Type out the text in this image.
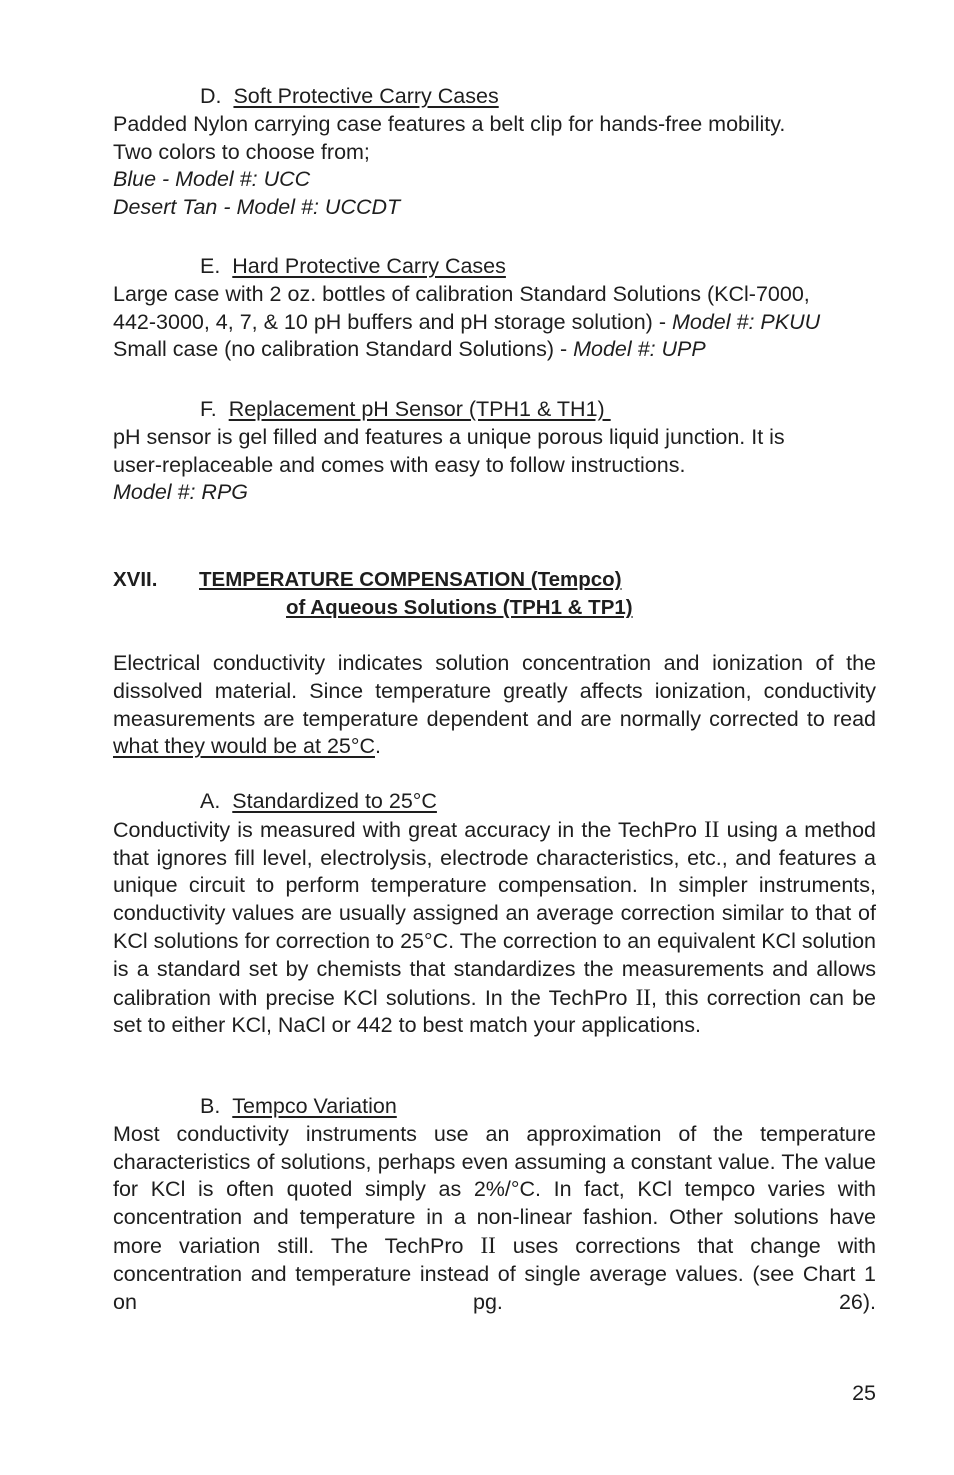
D. Soft Protective Carry Cases

Padded Nylon carrying case features a belt clip for hands-free mobility.

Two colors to choose from;

Blue - Model #: UCC

Desert Tan - Model #: UCCDT

E. Hard Protective Carry Cases

Large case with 2 oz. bottles of calibration Standard Solutions (KCl-7000,

442-3000, 4, 7, & 10 pH buffers and pH storage solution) - Model #: PKUU

Small case (no calibration Standard Solutions) - Model #: UPP

F. Replacement pH Sensor (TPH1 & TH1)

pH sensor is gel filled and features a unique porous liquid junction. It is

user-replaceable and comes with easy to follow instructions.

Model #: RPG

XVII. TEMPERATURE COMPENSATION (Tempco)
of Aqueous Solutions (TPH1 & TP1)

Electrical conductivity indicates solution concentration and ionization of the dissolved material. Since temperature greatly affects ionization, conductivity measurements are temperature dependent and are normally corrected to read what they would be at 25°C.

A. Standardized to 25°C

Conductivity is measured with great accuracy in the TechPro II using a method that ignores fill level, electrolysis, electrode characteristics, etc., and features a unique circuit to perform temperature compensation. In simpler instruments, conductivity values are usually assigned an average correction similar to that of KCl solutions for correction to 25°C. The correction to an equivalent KCl solution is a standard set by chemists that standardizes the measurements and allows calibration with precise KCl solutions. In the TechPro II, this correction can be set to either KCl, NaCl or 442 to best match your applications.

B. Tempco Variation

Most conductivity instruments use an approximation of the temperature characteristics of solutions, perhaps even assuming a constant value. The value for KCl is often quoted simply as 2%/°C. In fact, KCl tempco varies with concentration and temperature in a non-linear fashion. Other solutions have more variation still. The TechPro II uses corrections that change with concentration and temperature instead of single average values. (see Chart 1 on pg. 26).

25
